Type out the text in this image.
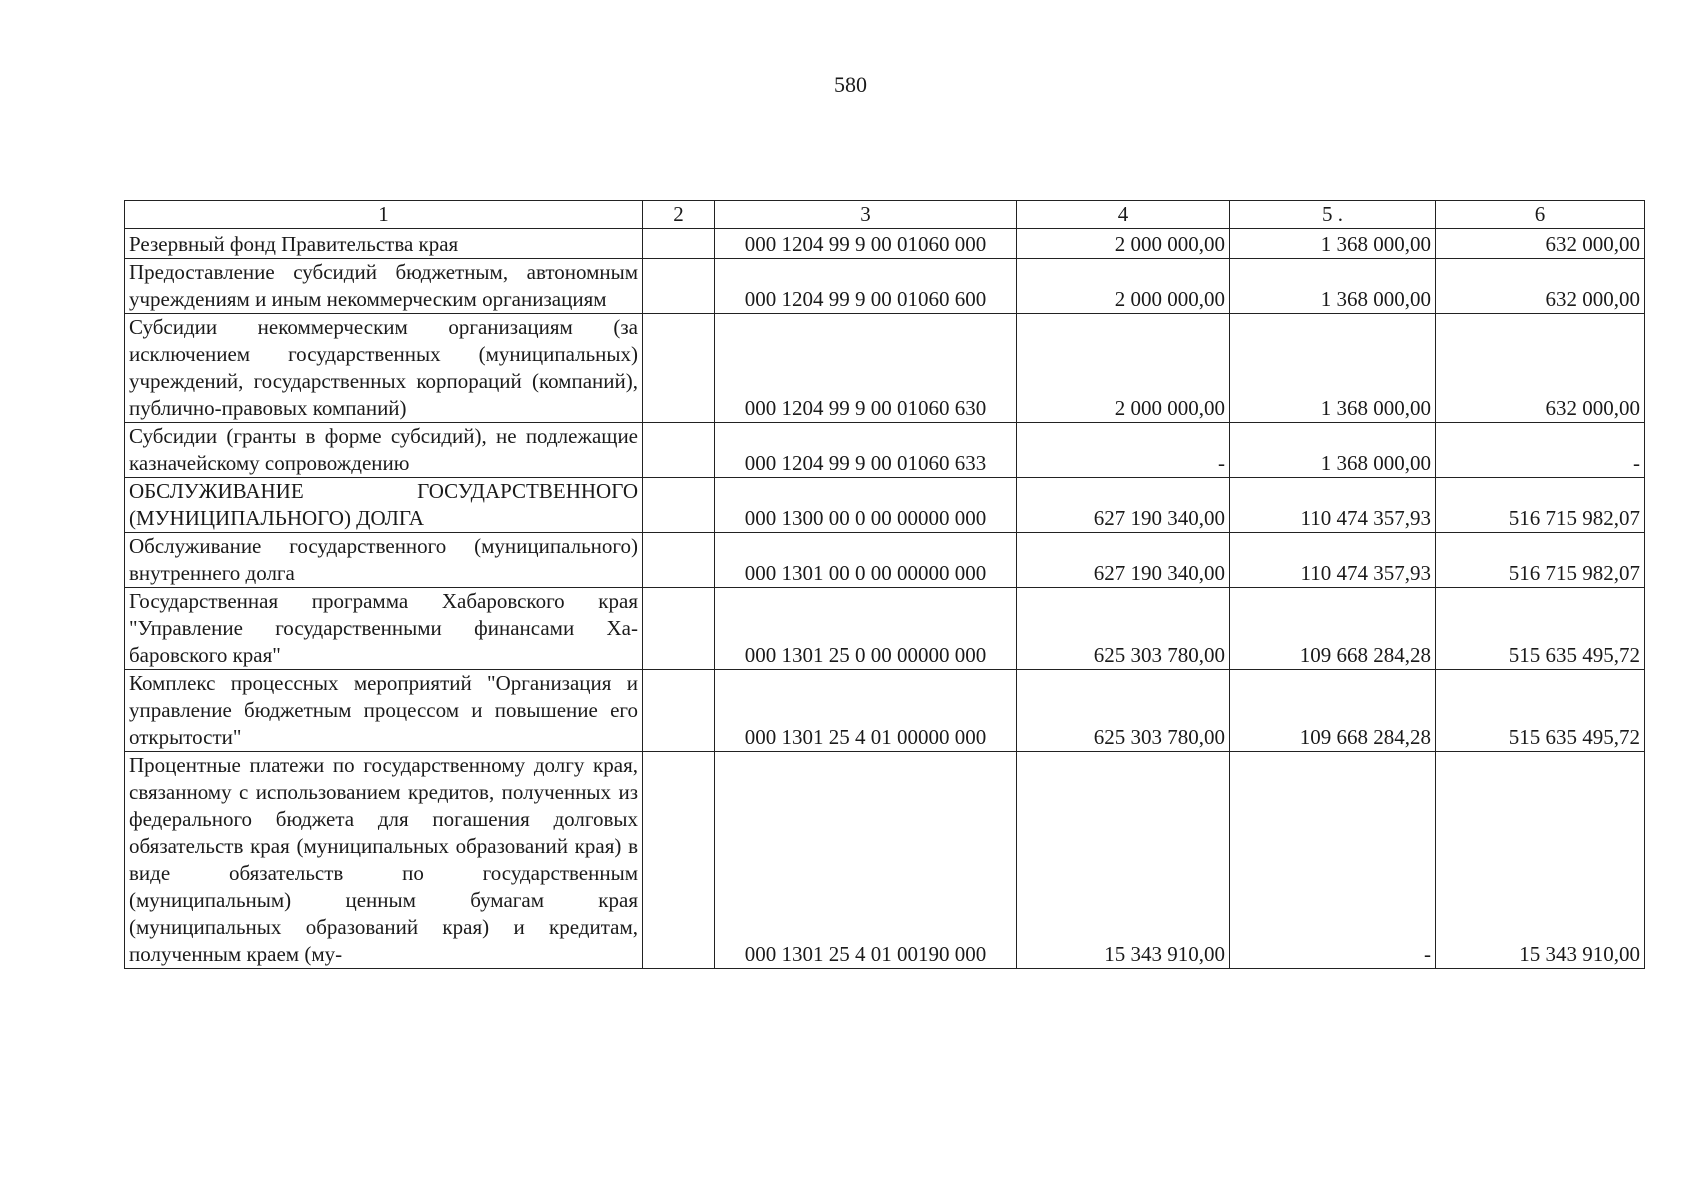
580
1	2	3	4	5 .	6
Резервный фонд Правительства края		000 1204 99 9 00 01060 000	2 000 000,00	1 368 000,00	632 000,00
Предоставление субсидий бюджетным, автономным учреждениям и иным некоммерческим организациям		000 1204 99 9 00 01060 600	2 000 000,00	1 368 000,00	632 000,00
Субсидии некоммерческим организациям (за исключением государственных (муниципальных) учреждений, государственных корпораций (компаний), публично-правовых компаний)		000 1204 99 9 00 01060 630	2 000 000,00	1 368 000,00	632 000,00
Субсидии (гранты в форме субсидий), не подлежащие казначейскому сопровождению		000 1204 99 9 00 01060 633	-	1 368 000,00	-
ОБСЛУЖИВАНИЕ ГОСУДАРСТВЕННОГО (МУНИЦИПАЛЬНОГО) ДОЛГА		000 1300 00 0 00 00000 000	627 190 340,00	110 474 357,93	516 715 982,07
Обслуживание государственного (муниципального) внутреннего долга		000 1301 00 0 00 00000 000	627 190 340,00	110 474 357,93	516 715 982,07
Государственная программа Хабаровского края "Управление государственными финансами Хабаровского края"		000 1301 25 0 00 00000 000	625 303 780,00	109 668 284,28	515 635 495,72
Комплекс процессных мероприятий "Организация и управление бюджетным процессом и повышение его открытости"		000 1301 25 4 01 00000 000	625 303 780,00	109 668 284,28	515 635 495,72
Процентные платежи по государственному долгу края, связанному с использованием кредитов, полученных из федерального бюджета для погашения долговых обязательств края (муниципальных образований края) в виде обязательств по государственным (муниципальным) ценным бумагам края (муниципальных образований края) и кредитам, полученным краем (му-		000 1301 25 4 01 00190 000	15 343 910,00	-	15 343 910,00
